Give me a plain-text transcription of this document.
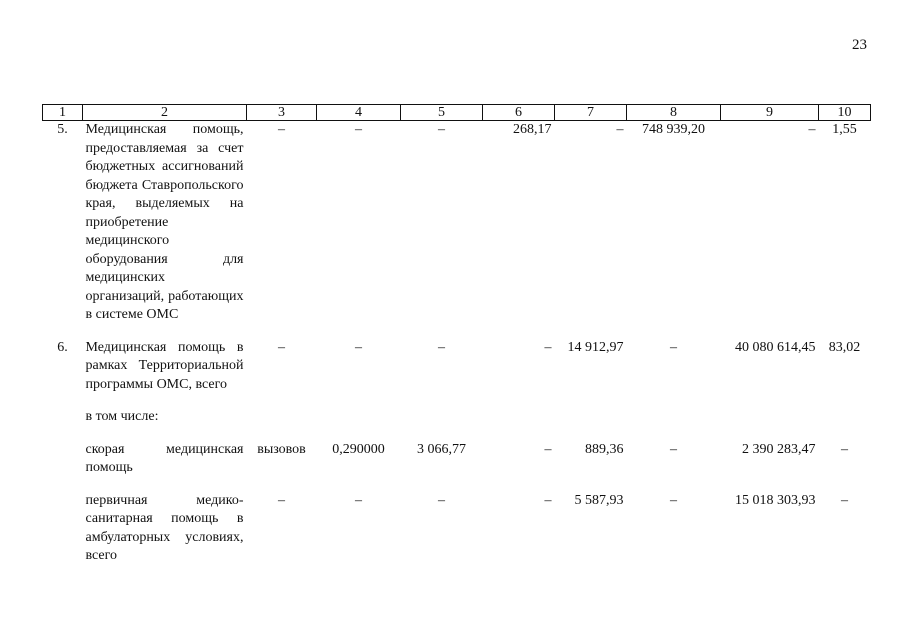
23
1	2	3	4	5	6	7	8	9	10
5.	Медицинская помощь, предоставляемая за счет бюджетных ассигнований бюджета Ставропольского края, выделяемых на приобретение медицинского оборудования для медицинских организаций, работающих в системе ОМС	–	–	–	268,17	–	748 939,20	–	1,55
6.	Медицинская помощь в рамках Территориальной программы ОМС, всего	–	–	–	–	14 912,97	–	40 080 614,45	83,02
	в том числе:								
	скорая медицинская помощь	вызовов	0,290000	3 066,77	–	889,36	–	2 390 283,47	–
	первичная медико-санитарная помощь в амбулаторных условиях, всего	–	–	–	–	5 587,93	–	15 018 303,93	–
